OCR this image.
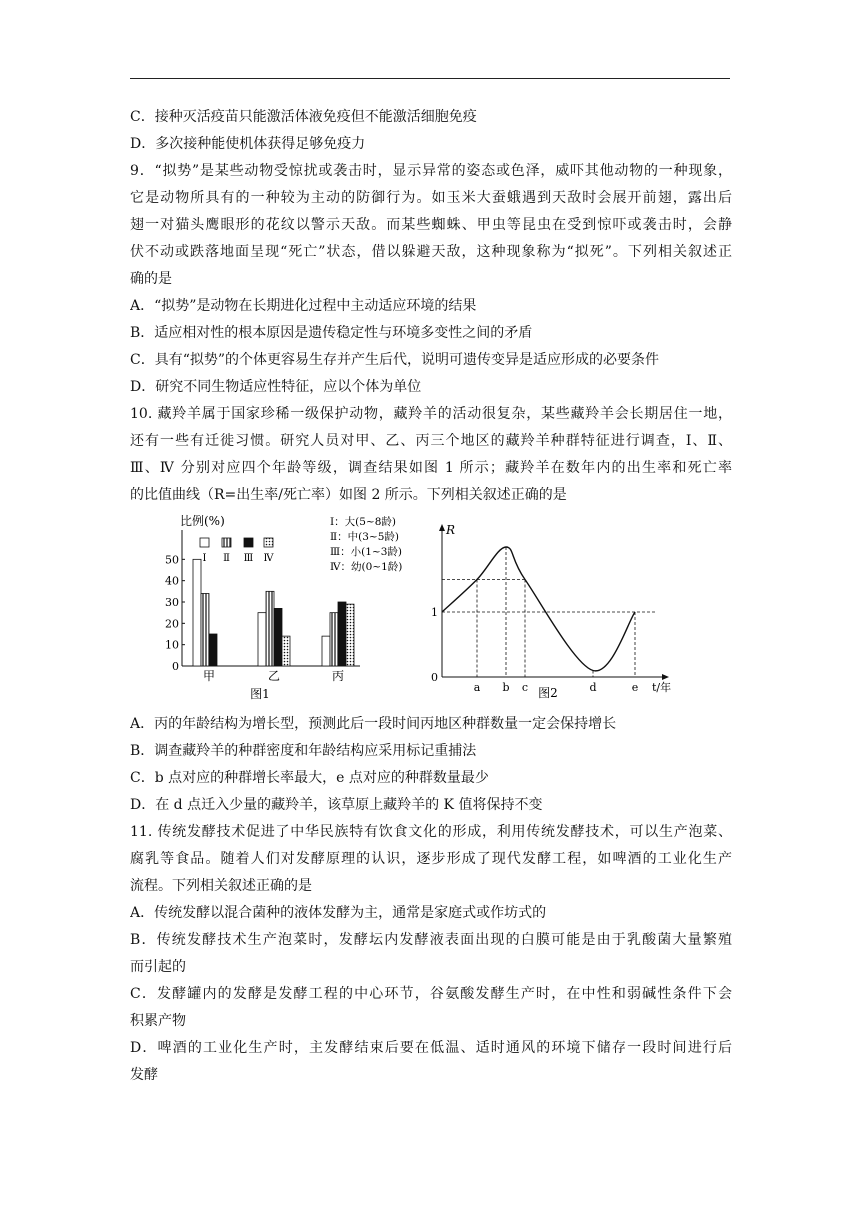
C．接种灭活疫苗只能激活体液免疫但不能激活细胞免疫
D．多次接种能使机体获得足够免疫力
9．“拟势”是某些动物受惊扰或袭击时，显示异常的姿态或色泽，威吓其他动物的一种现象，
它是动物所具有的一种较为主动的防御行为。如玉米大蚕蛾遇到天敌时会展开前翅，露出后
翅一对猫头鹰眼形的花纹以警示天敌。而某些蜘蛛、甲虫等昆虫在受到惊吓或袭击时，会静
伏不动或跌落地面呈现“死亡”状态，借以躲避天敌，这种现象称为“拟死”。下列相关叙述正
确的是
A．“拟势”是动物在长期进化过程中主动适应环境的结果
B．适应相对性的根本原因是遗传稳定性与环境多变性之间的矛盾
C．具有“拟势”的个体更容易生存并产生后代，说明可遗传变异是适应形成的必要条件
D．研究不同生物适应性特征，应以个体为单位
10. 藏羚羊属于国家珍稀一级保护动物，藏羚羊的活动很复杂，某些藏羚羊会长期居住一地，
还有一些有迁徙习惯。研究人员对甲、乙、丙三个地区的藏羚羊种群特征进行调查，Ⅰ、Ⅱ、
Ⅲ、Ⅳ 分别对应四个年龄等级，调查结果如图 1 所示；藏羚羊在数年内的出生率和死亡率
的比值曲线（R=出生率/死亡率）如图 2 所示。下列相关叙述正确的是
比例(%)
0
10
20
30
40
50
甲	乙	丙
Ⅰ Ⅱ Ⅲ Ⅳ
Ⅰ：大(5~8龄)
Ⅱ：中(3~5龄)
Ⅲ：小(1~3龄)
Ⅳ：幼(0~1龄)
图1
R
t/年
0
1
a b c	d	e
图2
A．丙的年龄结构为增长型，预测此后一段时间丙地区种群数量一定会保持增长
B．调查藏羚羊的种群密度和年龄结构应采用标记重捕法
C．b 点对应的种群增长率最大，e 点对应的种群数量最少
D．在 d 点迁入少量的藏羚羊，该草原上藏羚羊的 K 值将保持不变
11. 传统发酵技术促进了中华民族特有饮食文化的形成，利用传统发酵技术，可以生产泡菜、
腐乳等食品。随着人们对发酵原理的认识，逐步形成了现代发酵工程，如啤酒的工业化生产
流程。下列相关叙述正确的是
A．传统发酵以混合菌种的液体发酵为主，通常是家庭式或作坊式的
B．传统发酵技术生产泡菜时，发酵坛内发酵液表面出现的白膜可能是由于乳酸菌大量繁殖
而引起的
C．发酵罐内的发酵是发酵工程的中心环节，谷氨酸发酵生产时，在中性和弱碱性条件下会
积累产物
D．啤酒的工业化生产时，主发酵结束后要在低温、适时通风的环境下储存一段时间进行后
发酵
